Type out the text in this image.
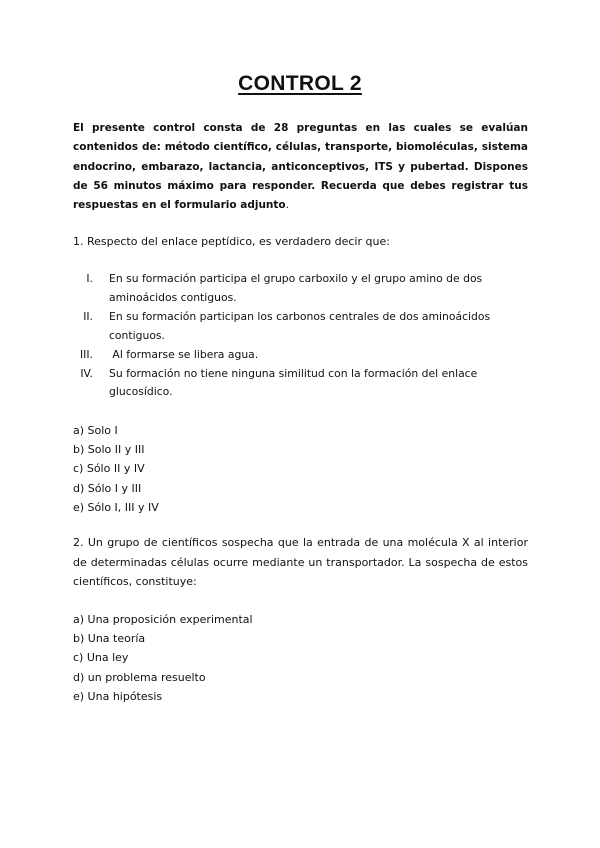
CONTROL 2
El presente control consta de 28 preguntas en las cuales se evalúan contenidos de: método científico, células, transporte, biomoléculas, sistema endocrino, embarazo, lactancia, anticonceptivos, ITS y pubertad. Dispones de 56 minutos máximo para responder. Recuerda que debes registrar tus respuestas en el formulario adjunto.
1. Respecto del enlace peptídico, es verdadero decir que:
I. En su formación participa el grupo carboxilo y el grupo amino de dos aminoácidos contiguos.
II. En su formación participan los carbonos centrales de dos aminoácidos contiguos.
III. Al formarse se libera agua.
IV. Su formación no tiene ninguna similitud con la formación del enlace glucosídico.
a) Solo I
b) Solo II y III
c) Sólo II y IV
d) Sólo I y III
e) Sólo I, III y IV
2. Un grupo de científicos sospecha que la entrada de una molécula X al interior de determinadas células ocurre mediante un transportador. La sospecha de estos científicos, constituye:
a) Una proposición experimental
b) Una teoría
c) Una ley
d) un problema resuelto
e) Una hipótesis
